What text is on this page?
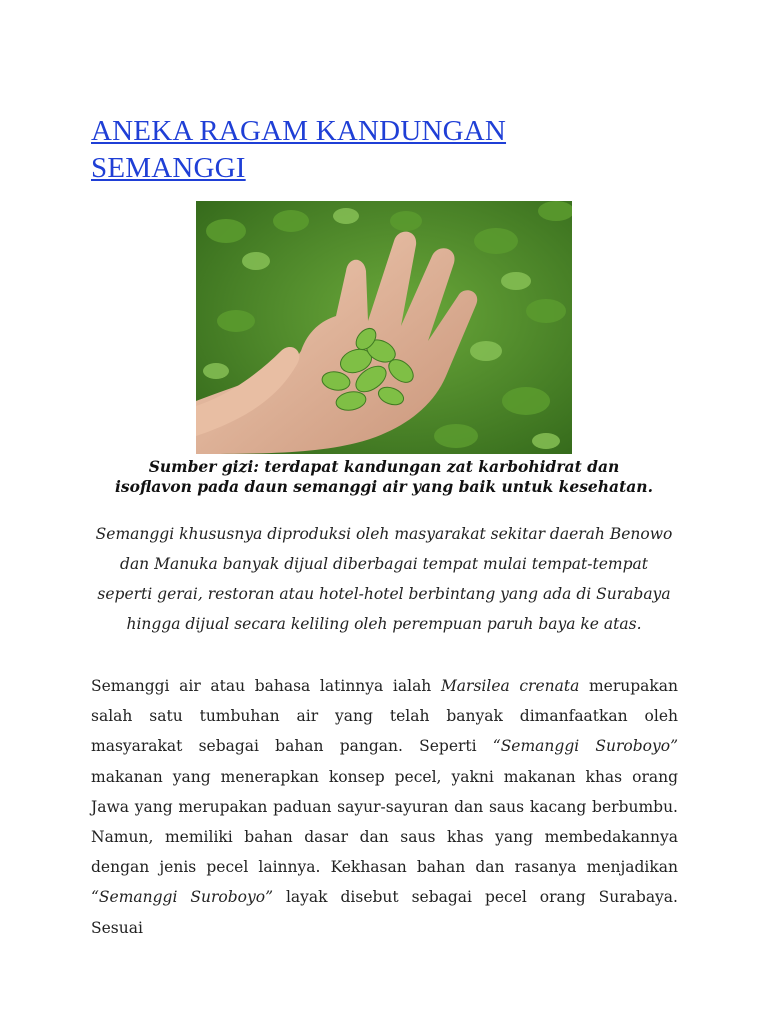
ANEKA RAGAM KANDUNGAN
SEMANGGI
Sumber gizi: terdapat kandungan zat karbohidrat dan
isoflavon pada daun semanggi air yang baik untuk kesehatan.
Semanggi khususnya diproduksi oleh masyarakat sekitar daerah Benowo
dan Manuka banyak dijual diberbagai tempat mulai tempat-tempat
seperti gerai, restoran atau hotel-hotel berbintang yang ada di Surabaya
hingga dijual secara keliling oleh perempuan paruh baya ke atas.
Semanggi air atau bahasa latinnya ialah Marsilea crenata merupakan salah satu tumbuhan air yang telah banyak dimanfaatkan oleh masyarakat sebagai bahan pangan. Seperti “Semanggi Suroboyo” makanan yang menerapkan konsep pecel, yakni makanan khas orang Jawa yang merupakan paduan sayur-sayuran dan saus kacang berbumbu. Namun, memiliki bahan dasar dan saus khas yang membedakannya dengan jenis pecel lainnya. Kekhasan bahan dan rasanya menjadikan “Semanggi Suroboyo” layak disebut sebagai pecel orang Surabaya. Sesuai
